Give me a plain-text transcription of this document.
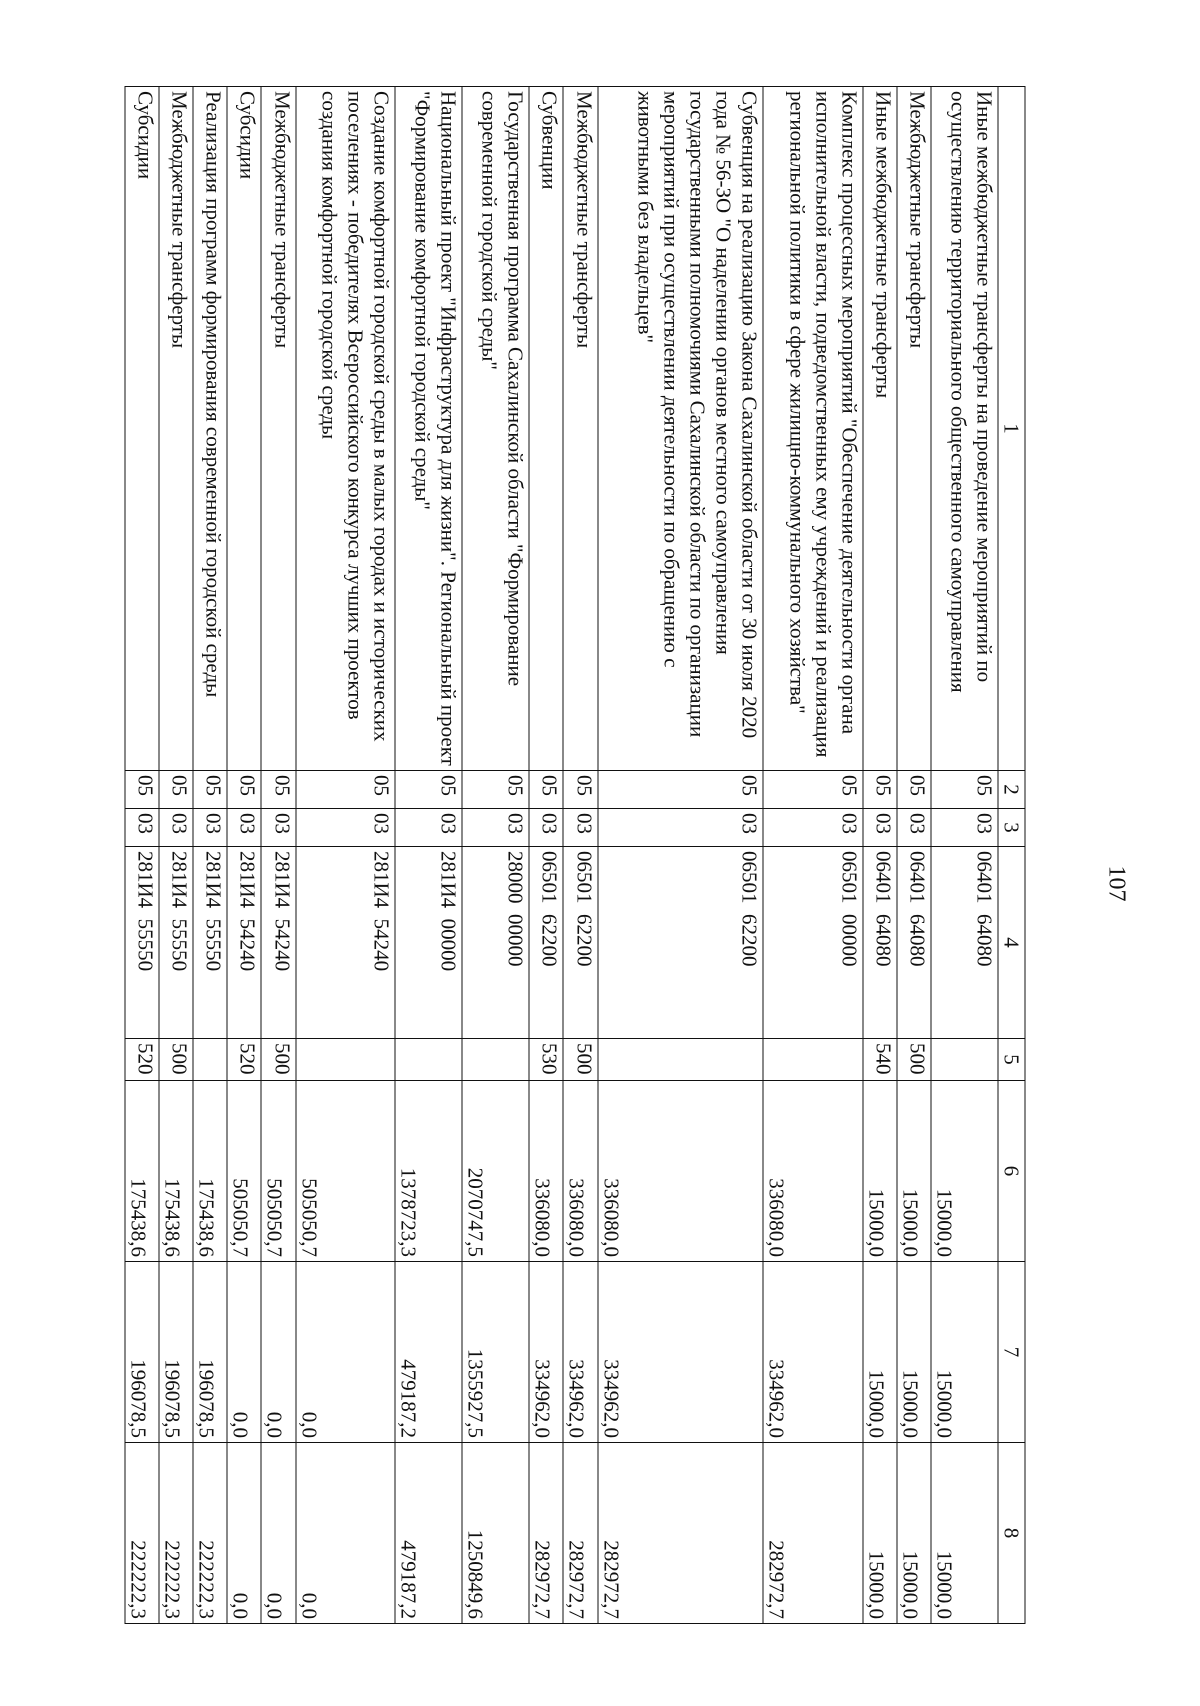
107
1	2	3	4	5	6	7	8
Иные межбюджетные трансферты на проведение мероприятий по осуществлению территориального общественного самоуправления	05	03	06401  64080		15000,0	15000,0	15000,0
Межбюджетные трансферты	05	03	06401  64080	500	15000,0	15000,0	15000,0
Иные межбюджетные трансферты	05	03	06401  64080	540	15000,0	15000,0	15000,0
Комплекс процессных мероприятий "Обеспечение деятельности органа исполнительной власти, подведомственных ему учреждений и реализация региональной политики в сфере жилищно-коммунального хозяйства"	05	03	06501  00000		336080,0	334962,0	282972,7
Субвенция на реализацию Закона Сахалинской области от 30 июля 2020 года № 56-ЗО "О наделении органов местного самоуправления государственными полномочиями Сахалинской области по организации мероприятий при осуществлении деятельности по обращению с животными без владельцев"	05	03	06501  62200		336080,0	334962,0	282972,7
Межбюджетные трансферты	05	03	06501  62200	500	336080,0	334962,0	282972,7
Субвенции	05	03	06501  62200	530	336080,0	334962,0	282972,7
Государственная программа Сахалинской области "Формирование современной городской среды"	05	03	28000  00000		2070747,5	1355927,5	1250849,6
Национальный проект "Инфраструктура для жизни". Региональный проект "Формирование комфортной городской среды"	05	03	281И4  00000		1378723,3	479187,2	479187,2
Создание комфортной городской среды в малых городах и исторических поселениях - победителях Всероссийского конкурса лучших проектов создания комфортной городской среды	05	03	281И4  54240		505050,7	0,0	0,0
Межбюджетные трансферты	05	03	281И4  54240	500	505050,7	0,0	0,0
Субсидии	05	03	281И4  54240	520	505050,7	0,0	0,0
Реализация программ формирования современной городской среды	05	03	281И4  55550		175438,6	196078,5	222222,3
Межбюджетные трансферты	05	03	281И4  55550	500	175438,6	196078,5	222222,3
Субсидии	05	03	281И4  55550	520	175438,6	196078,5	222222,3
